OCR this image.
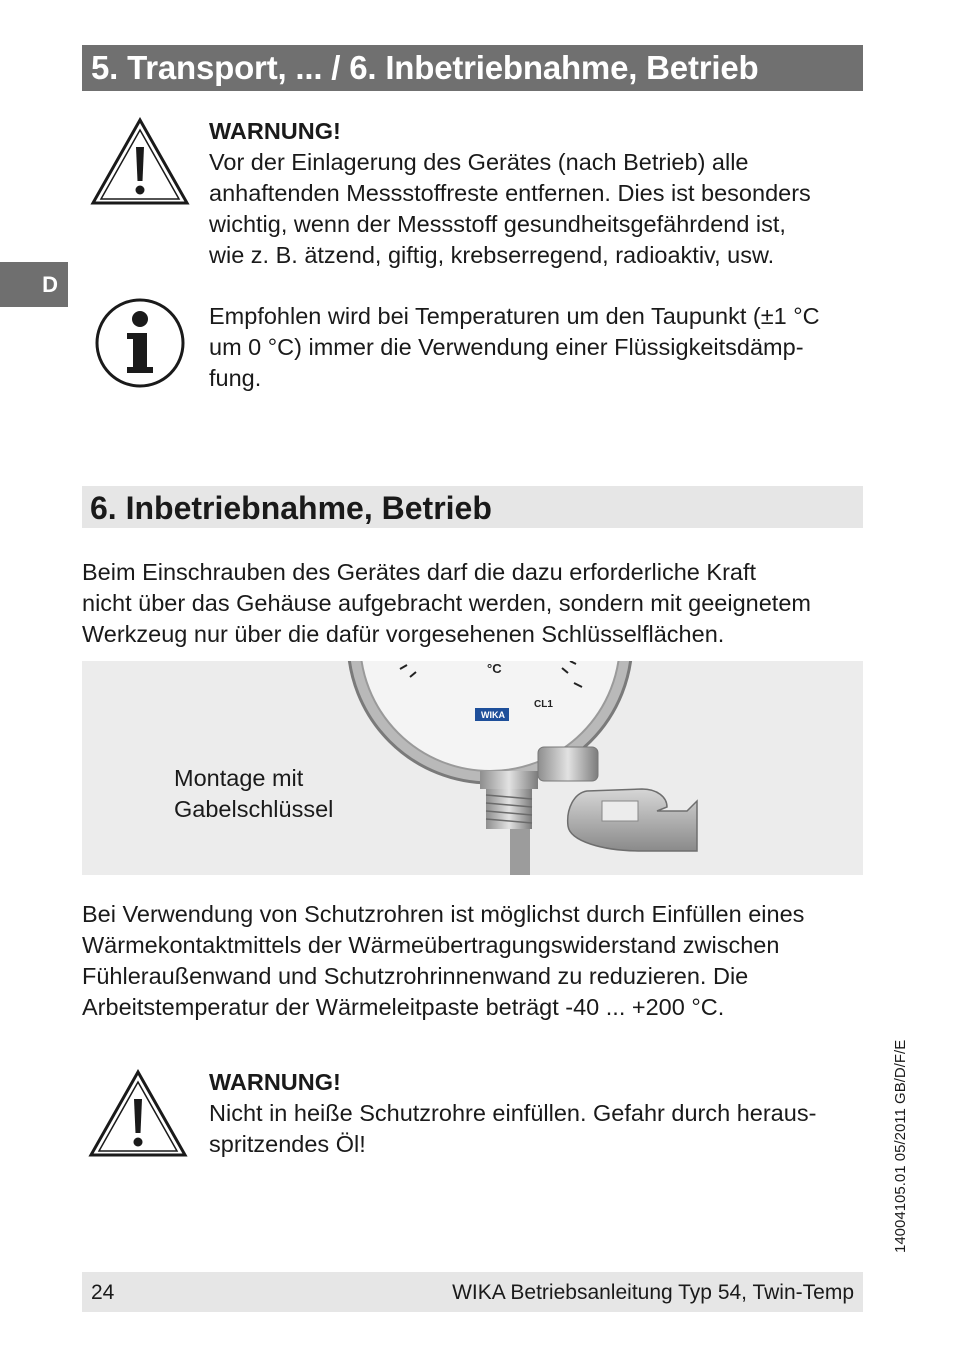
5. Transport, ... / 6. Inbetriebnahme, Betrieb
D
WARNUNG!
Vor der Einlagerung des Gerätes (nach Betrieb) alle
anhaftenden Messstoffreste entfernen. Dies ist besonders
wichtig, wenn der Messstoff gesundheitsgefährdend ist,
wie z. B. ätzend, giftig, krebserregend, radioaktiv, usw.
Empfohlen wird bei Temperaturen um den Taupunkt (±1 °C
um 0 °C) immer die Verwendung einer Flüssigkeitsdämp-
fung.
6. Inbetriebnahme, Betrieb
Beim Einschrauben des Gerätes darf die dazu erforderliche Kraft
nicht über das Gehäuse aufgebracht werden, sondern mit geeignetem
Werkzeug nur über die dafür vorgesehenen Schlüsselflächen.
WIKA
°C
CL1
Montage mit
Gabelschlüssel
Bei Verwendung von Schutzrohren ist möglichst durch Einfüllen eines
Wärmekontaktmittels der Wärmeübertragungswiderstand zwischen
Fühleraußenwand und Schutzrohrinnenwand zu reduzieren. Die
Arbeitstemperatur der Wärmeleitpaste beträgt -40 ... +200 °C.
WARNUNG!
Nicht in heiße Schutzrohre einfüllen. Gefahr durch heraus-
spritzendes Öl!	14004105.01 05/2011 GB/D/F/E
24	WIKA Betriebsanleitung Typ 54, Twin-Temp
